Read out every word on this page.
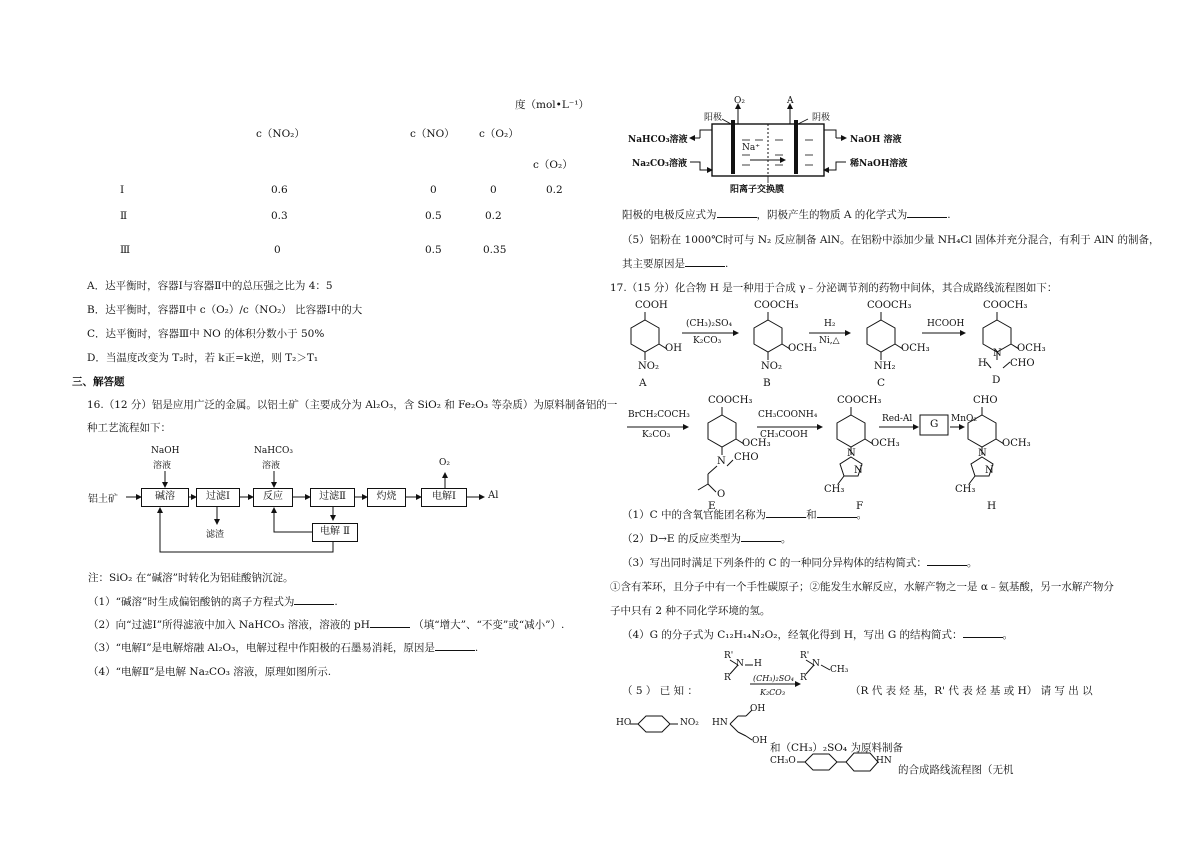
度（mol•L⁻¹）
c（NO₂）	c（NO） c（O₂）
c（O₂）
Ⅰ	0.6	0	0	0.2
Ⅱ	0.3	0.5	0.2
Ⅲ	0	0.5	0.35
A．达平衡时，容器Ⅰ与容器Ⅱ中的总压强之比为 4：5
B．达平衡时，容器Ⅱ中 c（O₂）/c（NO₂） 比容器Ⅰ中的大
C．达平衡时，容器Ⅲ中 NO 的体积分数小于 50%
D．当温度改变为 T₂时，若 k正=k逆，则 T₂＞T₁
三、解答题
16.（12 分）铝是应用广泛的金属。以铝土矿（主要成分为 Al₂O₃，含 SiO₂ 和 Fe₂O₃ 等杂质）为原料制备铝的一
种工艺流程如下：
NaOH
溶液
NaHCO₃
溶液	O₂
铝土矿	碱溶	过滤Ⅰ	反应	过滤Ⅱ	灼烧	电解Ⅰ	Al
滤渣	电解 Ⅱ
注：SiO₂ 在“碱溶”时转化为铝硅酸钠沉淀。
（1）“碱溶”时生成偏铝酸钠的离子方程式为	.
（2）向“过滤Ⅰ”所得滤液中加入 NaHCO₃ 溶液，溶液的 pH	（填“增大”、“不变”或“减小”）.
（3）“电解Ⅰ”是电解熔融 Al₂O₃，电解过程中作阳极的石墨易消耗，原因是	.
（4）“电解Ⅱ”是电解 Na₂CO₃ 溶液，原理如图所示.
O₂	A
阳极	阴极
NaHCO₃溶液
Na₂CO₃溶液
NaOH 溶液
稀NaOH溶液
Na⁺
阳离子交换膜
阳极的电极反应式为	，阴极产生的物质 A 的化学式为	.
（5）铝粉在 1000℃时可与 N₂ 反应制备 AlN。在铝粉中添加少量 NH₄Cl 固体并充分混合，有利于 AlN 的制备，
其主要原因是	.
17.（15 分）化合物 H 是一种用于合成 γ﹣分泌调节剂的药物中间体，其合成路线流程图如下：
COOH
OH
NO₂
A
(CH₃)₂SO₄
K₂CO₃
COOCH₃
OCH₃
NO₂
B
H₂
Ni,△
COOCH₃
OCH₃
NH₂
C
HCOOH
COOCH₃
OCH₃
N
H CHO
D
BrCH₂COCH₃
K₂CO₃
COOCH₃
OCH₃
N CHO
O
E
CH₃COONH₄
CH₃COOH
COOCH₃
OCH₃
N
N
CH₃
F
Red-Al G MnO₂
CHO
OCH₃
N
N
CH₃
H
（1）C 中的含氧官能团名称为	和	。
（2）D→E 的反应类型为	。
（3）写出同时满足下列条件的 C 的一种同分异构体的结构简式：	。
①含有苯环，且分子中有一个手性碳原子；②能发生水解反应，水解产物之一是 α﹣氨基酸，另一水解产物分
子中只有 2 种不同化学环境的氢。
（4）G 的分子式为 C₁₂H₁₄N₂O₂，经氧化得到 H，写出 G 的结构简式：	。
（ 5 ） 已 知 ：
R'
N H
R	(CH₃)₂SO₄
K₂CO₃
R'
N
CH₃
R
HO	NO₂ HN
OH
OH
CH₃O	HN
（R 代 表 烃 基，R' 代 表 烃 基 或 H） 请 写 出 以
和（CH₃）₂SO₄ 为原料制备
的合成路线流程图（无机
